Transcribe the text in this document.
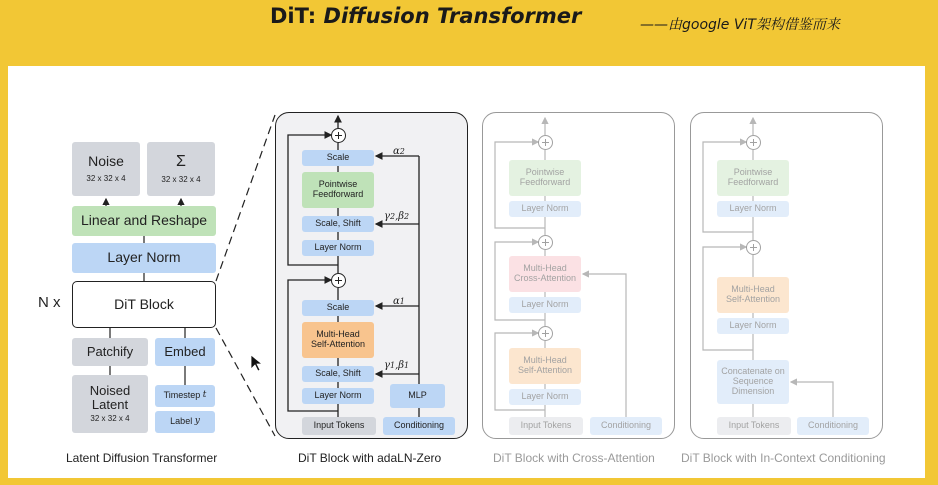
DiT: Diffusion Transformer	——由google ViT架构借鉴而来
Noise
32 x 32 x 4
Σ
32 x 32 x 4
Linear and Reshape
Layer Norm
N x	DiT Block
Patchify	Embed
Noised
Latent
32 x 32 x 4
Timestep
t
Label
y
Latent Diffusion Transformer
Scale
Pointwise Feedforward
Scale, Shift
Layer Norm
Scale
Multi-Head Self-Attention
Scale, Shift
Layer Norm	MLP
Input Tokens	Conditioning
α2
γ2,β2
α1
γ1,β1
DiT Block with adaLN-Zero
Pointwise Feedforward
Layer Norm
Multi-Head Cross-Attention
Layer Norm
Multi-Head Self-Attention
Layer Norm
Input Tokens	Conditioning
DiT Block with Cross-Attention
Pointwise Feedforward
Layer Norm
Multi-Head Self-Attention
Layer Norm
Concatenate on Sequence Dimension
Input Tokens	Conditioning
DiT Block with In-Context Conditioning
